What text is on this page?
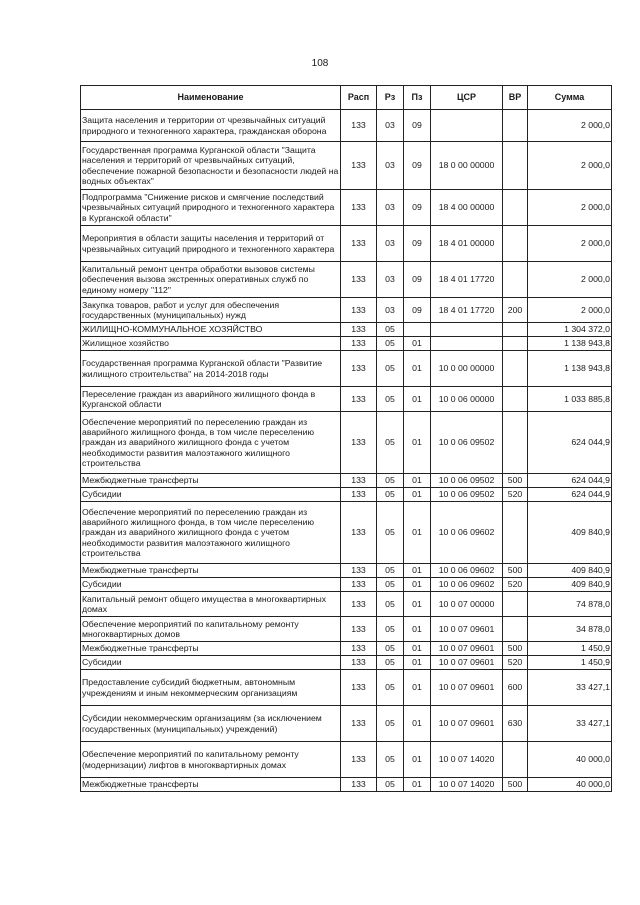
108
Наименование	Расп	Рз	Пз	ЦСР	ВР	Сумма
Защита населения и территории от чрезвычайных ситуаций природного и техногенного характера, гражданская оборона	133	03	09			2 000,0
Государственная программа Курганской области "Защита населения и территорий от чрезвычайных ситуаций, обеспечение пожарной безопасности и безопасности людей на водных объектах"	133	03	09	18 0 00 00000		2 000,0
Подпрограмма "Снижение рисков и смягчение последствий чрезвычайных ситуаций природного и техногенного характера в Курганской области"	133	03	09	18 4 00 00000		2 000,0
Мероприятия в области защиты населения и территорий от чрезвычайных ситуаций природного и техногенного характера	133	03	09	18 4 01 00000		2 000,0
Капитальный ремонт центра обработки вызовов системы обеспечения вызова экстренных оперативных служб по единому номеру "112"	133	03	09	18 4 01 17720		2 000,0
Закупка товаров, работ и услуг для обеспечения государственных (муниципальных) нужд	133	03	09	18 4 01 17720	200	2 000,0
ЖИЛИЩНО-КОММУНАЛЬНОЕ ХОЗЯЙСТВО	133	05				1 304 372,0
Жилищное хозяйство	133	05	01			1 138 943,8
Государственная программа Курганской области "Развитие жилищного строительства" на 2014-2018 годы	133	05	01	10 0 00 00000		1 138 943,8
Переселение граждан из аварийного жилищного фонда в Курганской области	133	05	01	10 0 06 00000		1 033 885,8
Обеспечение мероприятий по переселению граждан из аварийного жилищного фонда, в том числе переселению граждан из аварийного жилищного фонда с учетом необходимости развития малоэтажного жилищного строительства	133	05	01	10 0 06 09502		624 044,9
Межбюджетные трансферты	133	05	01	10 0 06 09502	500	624 044,9
Субсидии	133	05	01	10 0 06 09502	520	624 044,9
Обеспечение мероприятий по переселению граждан из аварийного жилищного фонда, в том числе переселению граждан из аварийного жилищного фонда с учетом необходимости развития малоэтажного жилищного строительства	133	05	01	10 0 06 09602		409 840,9
Межбюджетные трансферты	133	05	01	10 0 06 09602	500	409 840,9
Субсидии	133	05	01	10 0 06 09602	520	409 840,9
Капитальный ремонт общего имущества в многоквартирных домах	133	05	01	10 0 07 00000		74 878,0
Обеспечение мероприятий по капитальному ремонту многоквартирных домов	133	05	01	10 0 07 09601		34 878,0
Межбюджетные трансферты	133	05	01	10 0 07 09601	500	1 450,9
Субсидии	133	05	01	10 0 07 09601	520	1 450,9
Предоставление субсидий бюджетным, автономным учреждениям и иным некоммерческим организациям	133	05	01	10 0 07 09601	600	33 427,1
Субсидии некоммерческим организациям (за исключением государственных (муниципальных) учреждений)	133	05	01	10 0 07 09601	630	33 427,1
Обеспечение мероприятий по капитальному ремонту (модернизации) лифтов в многоквартирных домах	133	05	01	10 0 07 14020		40 000,0
Межбюджетные трансферты	133	05	01	10 0 07 14020	500	40 000,0
